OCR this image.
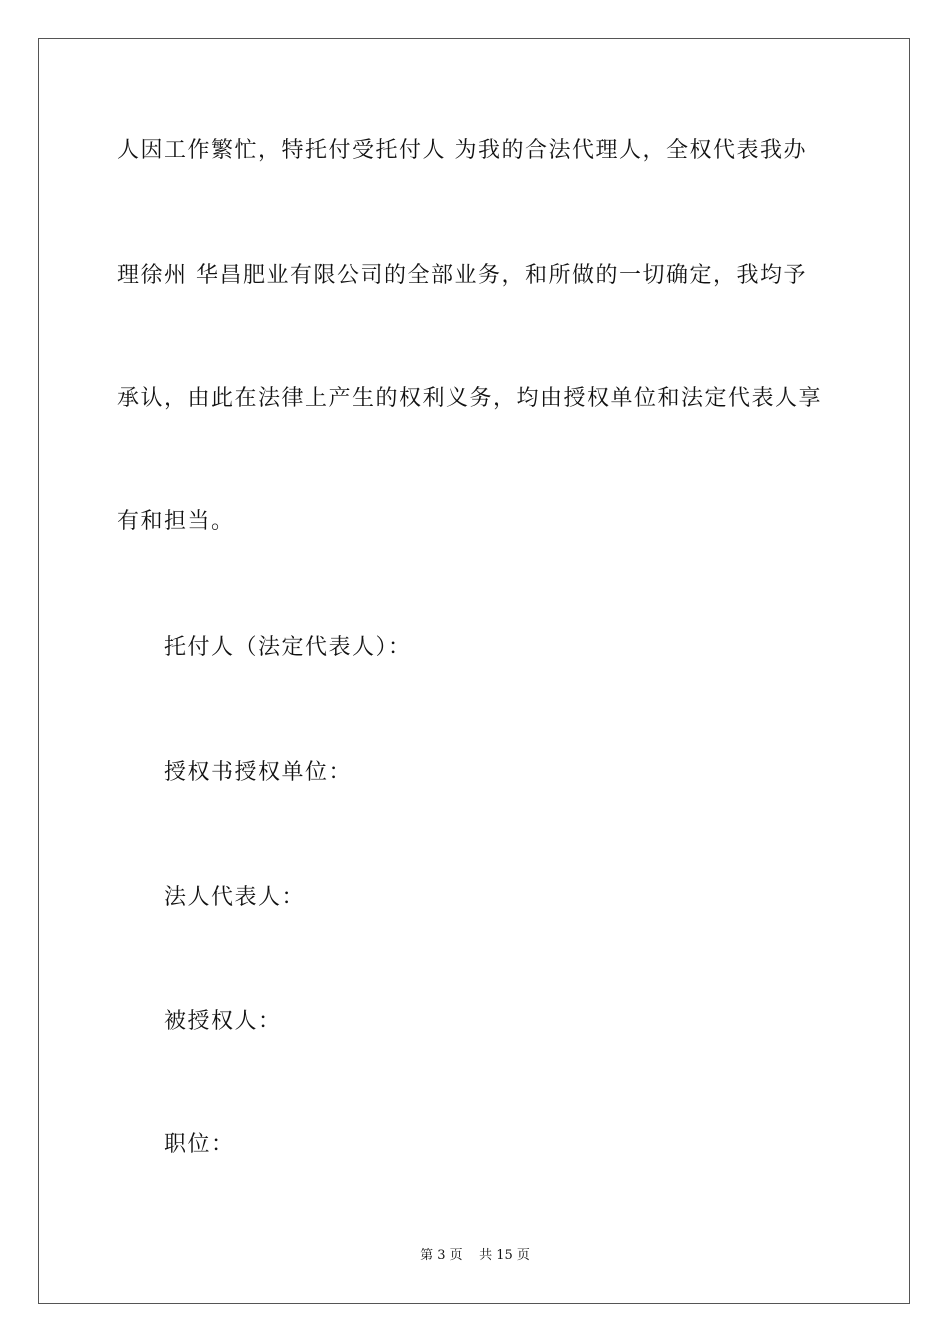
人因工作繁忙，特托付受托付人 为我的合法代理人，全权代表我办
理徐州 华昌肥业有限公司的全部业务，和所做的一切确定，我均予
承认，由此在法律上产生的权利义务，均由授权单位和法定代表人享
有和担当。
托付人（法定代表人）：
授权书授权单位：
法人代表人：
被授权人：
职位：
第 3 页    共 15 页
